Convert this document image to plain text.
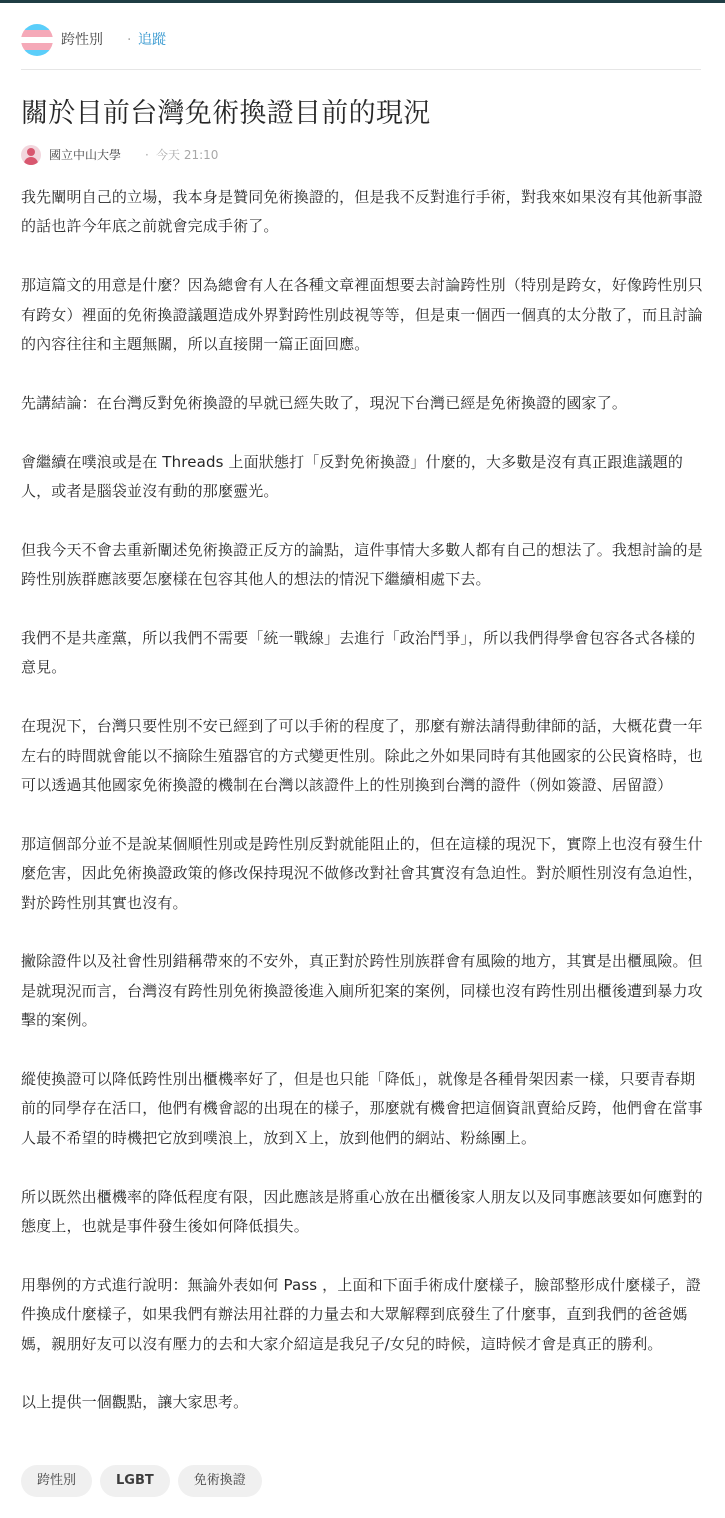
跨性別 · 追蹤
關於目前台灣免術換證目前的現況
國立中山大學 · 今天 21:10

我先闡明自己的立場，我本身是贊同免術換證的，但是我不反對進行手術，對我來如果沒有其他新事證的話也許今年底之前就會完成手術了。

那這篇文的用意是什麼？因為總會有人在各種文章裡面想要去討論跨性別（特別是跨女，好像跨性別只有跨女）裡面的免術換證議題造成外界對跨性別歧視等等，但是東一個西一個真的太分散了，而且討論的內容往往和主題無關，所以直接開一篇正面回應。

先講結論：在台灣反對免術換證的早就已經失敗了，現況下台灣已經是免術換證的國家了。

會繼續在噗浪或是在 Threads 上面狀態打「反對免術換證」什麼的，大多數是沒有真正跟進議題的人，或者是腦袋並沒有動的那麼靈光。

但我今天不會去重新闡述免術換證正反方的論點，這件事情大多數人都有自己的想法了。我想討論的是跨性別族群應該要怎麼樣在包容其他人的想法的情況下繼續相處下去。

我們不是共產黨，所以我們不需要「統一戰線」去進行「政治鬥爭」，所以我們得學會包容各式各樣的意見。

在現況下，台灣只要性別不安已經到了可以手術的程度了，那麼有辦法請得動律師的話，大概花費一年左右的時間就會能以不摘除生殖器官的方式變更性別。除此之外如果同時有其他國家的公民資格時，也可以透過其他國家免術換證的機制在台灣以該證件上的性別換到台灣的證件（例如簽證、居留證）

那這個部分並不是說某個順性別或是跨性別反對就能阻止的，但在這樣的現況下，實際上也沒有發生什麼危害，因此免術換證政策的修改保持現況不做修改對社會其實沒有急迫性。對於順性別沒有急迫性，對於跨性別其實也沒有。

撇除證件以及社會性別錯稱帶來的不安外，真正對於跨性別族群會有風險的地方，其實是出櫃風險。但是就現況而言，台灣沒有跨性別免術換證後進入廁所犯案的案例，同樣也沒有跨性別出櫃後遭到暴力攻擊的案例。

縱使換證可以降低跨性別出櫃機率好了，但是也只能「降低」，就像是各種骨架因素一樣，只要青春期前的同學存在活口，他們有機會認的出現在的樣子，那麼就有機會把這個資訊賣給反跨，他們會在當事人最不希望的時機把它放到噗浪上，放到Ｘ上，放到他們的網站、粉絲團上。

所以既然出櫃機率的降低程度有限，因此應該是將重心放在出櫃後家人朋友以及同事應該要如何應對的態度上，也就是事件發生後如何降低損失。

用舉例的方式進行說明：無論外表如何 Pass ，上面和下面手術成什麼樣子，臉部整形成什麼樣子，證件換成什麼樣子，如果我們有辦法用社群的力量去和大眾解釋到底發生了什麼事，直到我們的爸爸媽媽，親朋好友可以沒有壓力的去和大家介紹這是我兒子/女兒的時候，這時候才會是真正的勝利。

以上提供一個觀點，讓大家思考。

跨性別	LGBT	免術換證
